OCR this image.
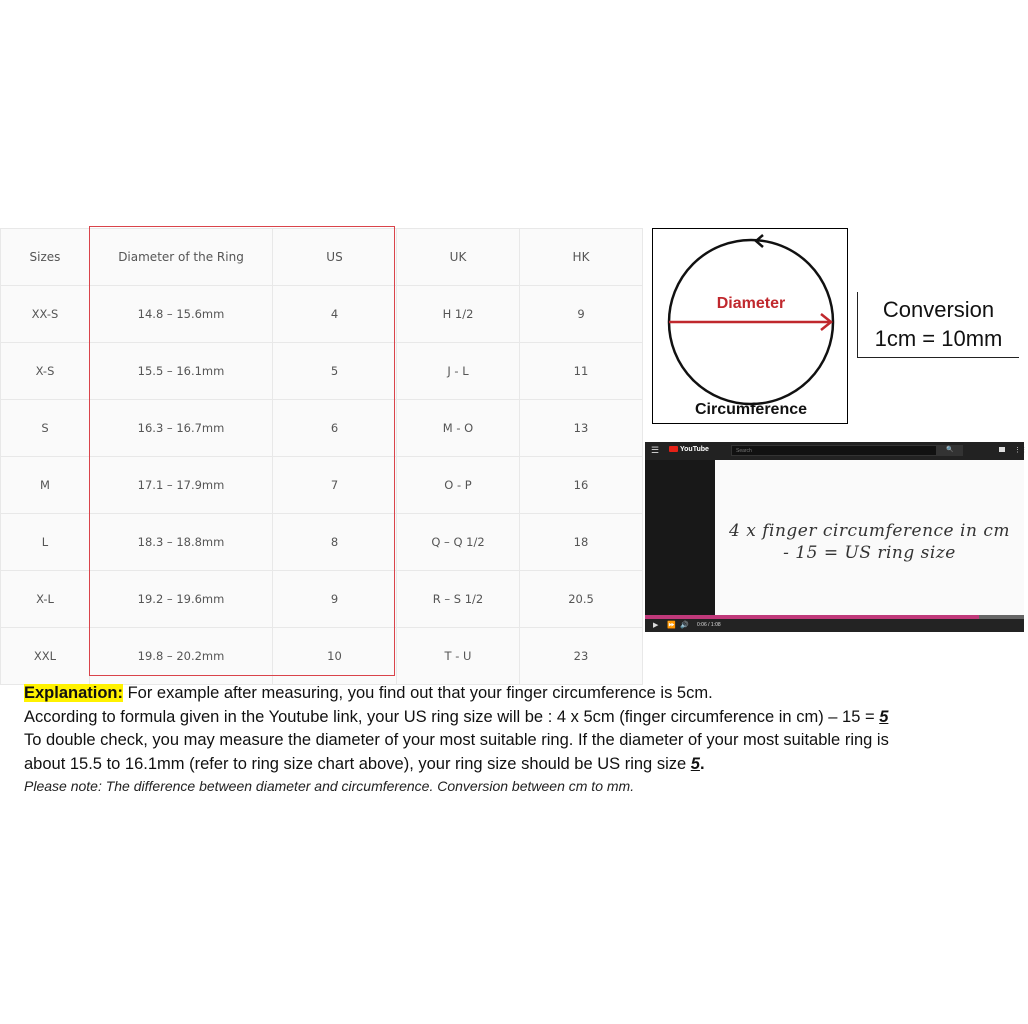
Sizes	Diameter of the Ring	US	UK	HK
XX-S	14.8 – 15.6mm	4	H 1/2	9
X-S	15.5 – 16.1mm	5	J - L	11
S	16.3 – 16.7mm	6	M - O	13
M	17.1 – 17.9mm	7	O - P	16
L	18.3 – 18.8mm	8	Q – Q 1/2	18
X-L	19.2 – 19.6mm	9	R – S 1/2	20.5
XXL	19.8 – 20.2mm	10	T - U	23
Diameter
Circumference
Conversion
1cm = 10mm
☰	YouTube	Search	🔍	⋮⋮
4 x finger circumference in cm
- 15 = US ring size
▶ ⏩ 🔊 0:06 / 1:08

Explanation: For example after measuring, you find out that your finger circumference is 5cm.

According to formula given in the Youtube link, your US ring size will be : 4 x 5cm (finger circumference in cm) – 15 = 5

To double check, you may measure the diameter of your most suitable ring. If the diameter of your most suitable ring is

about 15.5 to 16.1mm (refer to ring size chart above), your ring size should be US ring size 5.

Please note: The difference between diameter and circumference. Conversion between cm to mm.
